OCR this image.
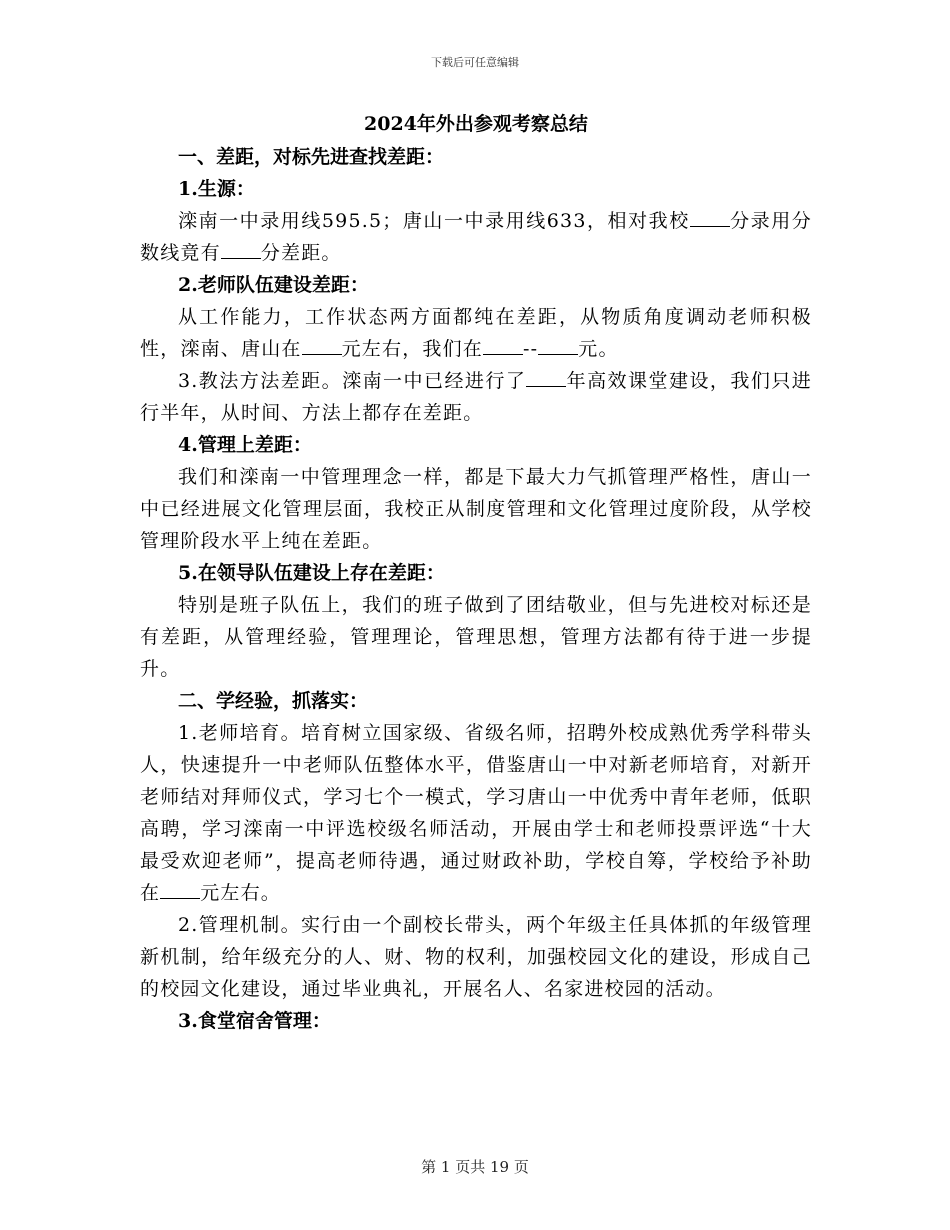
下载后可任意编辑

2024年外出参观考察总结

一、差距，对标先进查找差距：

1.生源：

滦南一中录用线595.5；唐山一中录用线633，相对我校 分录用分数线竟有 分差距。

2.老师队伍建设差距：

从工作能力，工作状态两方面都纯在差距，从物质角度调动老师积极性，滦南、唐山在 元左右，我们在 -- 元。

3.教法方法差距。滦南一中已经进行了 年高效课堂建设，我们只进行半年，从时间、方法上都存在差距。

4.管理上差距：

我们和滦南一中管理理念一样，都是下最大力气抓管理严格性，唐山一中已经进展文化管理层面，我校正从制度管理和文化管理过度阶段，从学校管理阶段水平上纯在差距。

5.在领导队伍建设上存在差距：

特别是班子队伍上，我们的班子做到了团结敬业，但与先进校对标还是有差距，从管理经验，管理理论，管理思想，管理方法都有待于进一步提升。

二、学经验，抓落实：

1.老师培育。培育树立国家级、省级名师，招聘外校成熟优秀学科带头人，快速提升一中老师队伍整体水平，借鉴唐山一中对新老师培育，对新开老师结对拜师仪式，学习七个一模式，学习唐山一中优秀中青年老师，低职高聘，学习滦南一中评选校级名师活动，开展由学士和老师投票评选“十大最受欢迎老师”，提高老师待遇，通过财政补助，学校自筹，学校给予补助在 元左右。

2.管理机制。实行由一个副校长带头，两个年级主任具体抓的年级管理新机制，给年级充分的人、财、物的权利，加强校园文化的建设，形成自己的校园文化建设，通过毕业典礼，开展名人、名家进校园的活动。

3.食堂宿舍管理：

第 1 页共 19 页
